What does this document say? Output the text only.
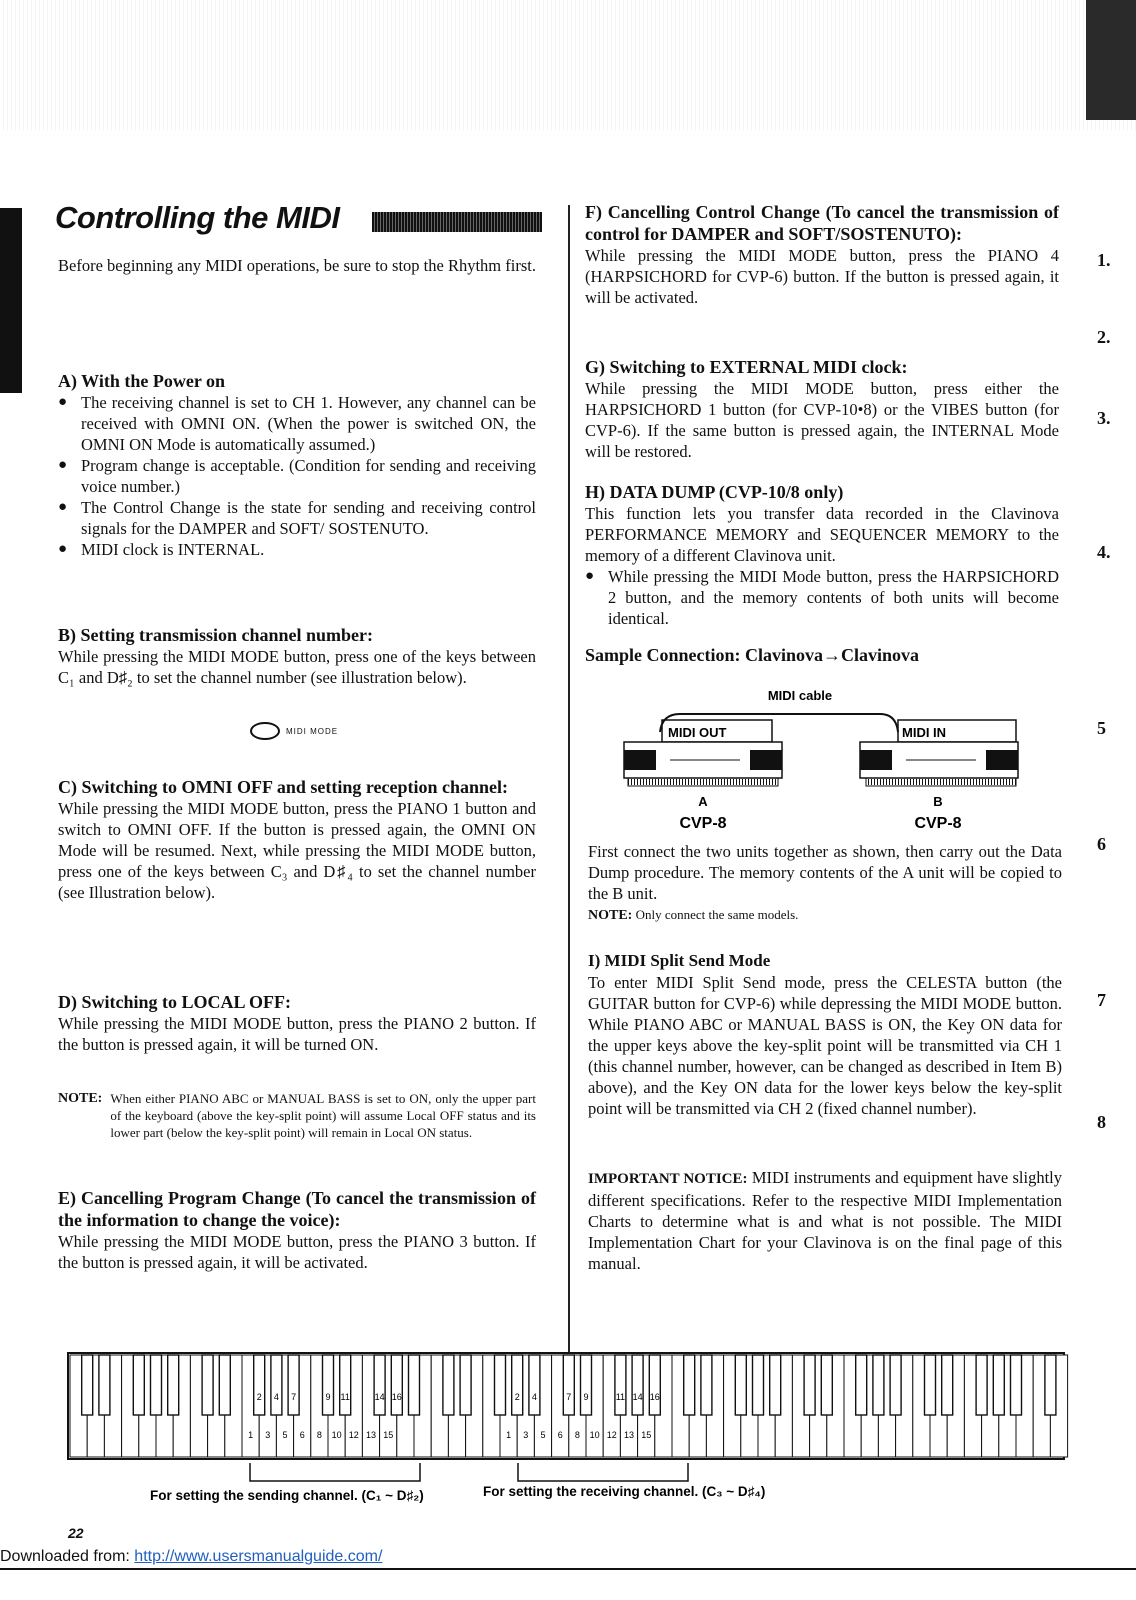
Controlling the MIDI

Before beginning any MIDI operations, be sure to stop the Rhythm first.

A) With the Power on

● The receiving channel is set to CH 1. However, any channel can be received with OMNI ON. (When the power is switched ON, the OMNI ON Mode is automatically assumed.)
● Program change is acceptable. (Condition for sending and receiving voice number.)
● The Control Change is the state for sending and receiving control signals for the DAMPER and SOFT/ SOSTENUTO.
● MIDI clock is INTERNAL.

B) Setting transmission channel number:

While pressing the MIDI MODE button, press one of the keys between C₁ and D♯₂ to set the channel number (see illustration below).

MIDI MODE

C) Switching to OMNI OFF and setting reception channel:

While pressing the MIDI MODE button, press the PIANO 1 button and switch to OMNI OFF. If the button is pressed again, the OMNI ON Mode will be resumed. Next, while pressing the MIDI MODE button, press one of the keys between C₃ and D♯₄ to set the channel number (see Illustration below).

D) Switching to LOCAL OFF:

While pressing the MIDI MODE button, press the PIANO 2 button. If the button is pressed again, it will be turned ON.

NOTE: When either PIANO ABC or MANUAL BASS is set to ON, only the upper part of the keyboard (above the key-split point) will assume Local OFF status and its lower part (below the key-split point) will remain in Local ON status.

E) Cancelling Program Change (To cancel the transmission of the information to change the voice):

While pressing the MIDI MODE button, press the PIANO 3 button. If the button is pressed again, it will be activated.

F) Cancelling Control Change (To cancel the transmission of control for DAMPER and SOFT/SOSTENUTO):

While pressing the MIDI MODE button, press the PIANO 4 (HARPSICHORD for CVP-6) button. If the button is pressed again, it will be activated.

G) Switching to EXTERNAL MIDI clock:

While pressing the MIDI MODE button, press either the HARPSICHORD 1 button (for CVP-10•8) or the VIBES button (for CVP-6). If the same button is pressed again, the INTERNAL Mode will be restored.

H) DATA DUMP (CVP-10/8 only)

This function lets you transfer data recorded in the Clavinova PERFORMANCE MEMORY and SEQUENCER MEMORY to the memory of a different Clavinova unit.

● While pressing the MIDI Mode button, press the HARPSICHORD 2 button, and the memory contents of both units will become identical.

Sample Connection: Clavinova→Clavinova

MIDI cable
MIDI OUT	MIDI IN
A
CVP-8
B
CVP-8

First connect the two units together as shown, then carry out the Data Dump procedure. The memory contents of the A unit will be copied to the B unit.

NOTE: Only connect the same models.

I) MIDI Split Send Mode

To enter MIDI Split Send mode, press the CELESTA button (the GUITAR button for CVP-6) while depressing the MIDI MODE button. While PIANO ABC or MANUAL BASS is ON, the Key ON data for the upper keys above the key-split point will be transmitted via CH 1 (this channel number, however, can be changed as described in Item B) above), and the Key ON data for the lower keys below the key-split point will be transmitted via CH 2 (fixed channel number).

IMPORTANT NOTICE: MIDI instruments and equipment have slightly different specifications. Refer to the respective MIDI Implementation Charts to determine what is and what is not possible. The MIDI Implementation Chart for your Clavinova is on the final page of this manual.

1.
2.
3.
4.
5
6
7
8
1 3 5 6 8 10 12 13 15
2 4 7	9 11	14 16
1 3 5 6 8 10 12 13 15
2 4	7 9	11 14 16
For setting the sending channel. (C₁ ~ D♯₂)	For setting the receiving channel. (C₃ ~ D♯₄)
22
Downloaded from: http://www.usersmanualguide.com/
